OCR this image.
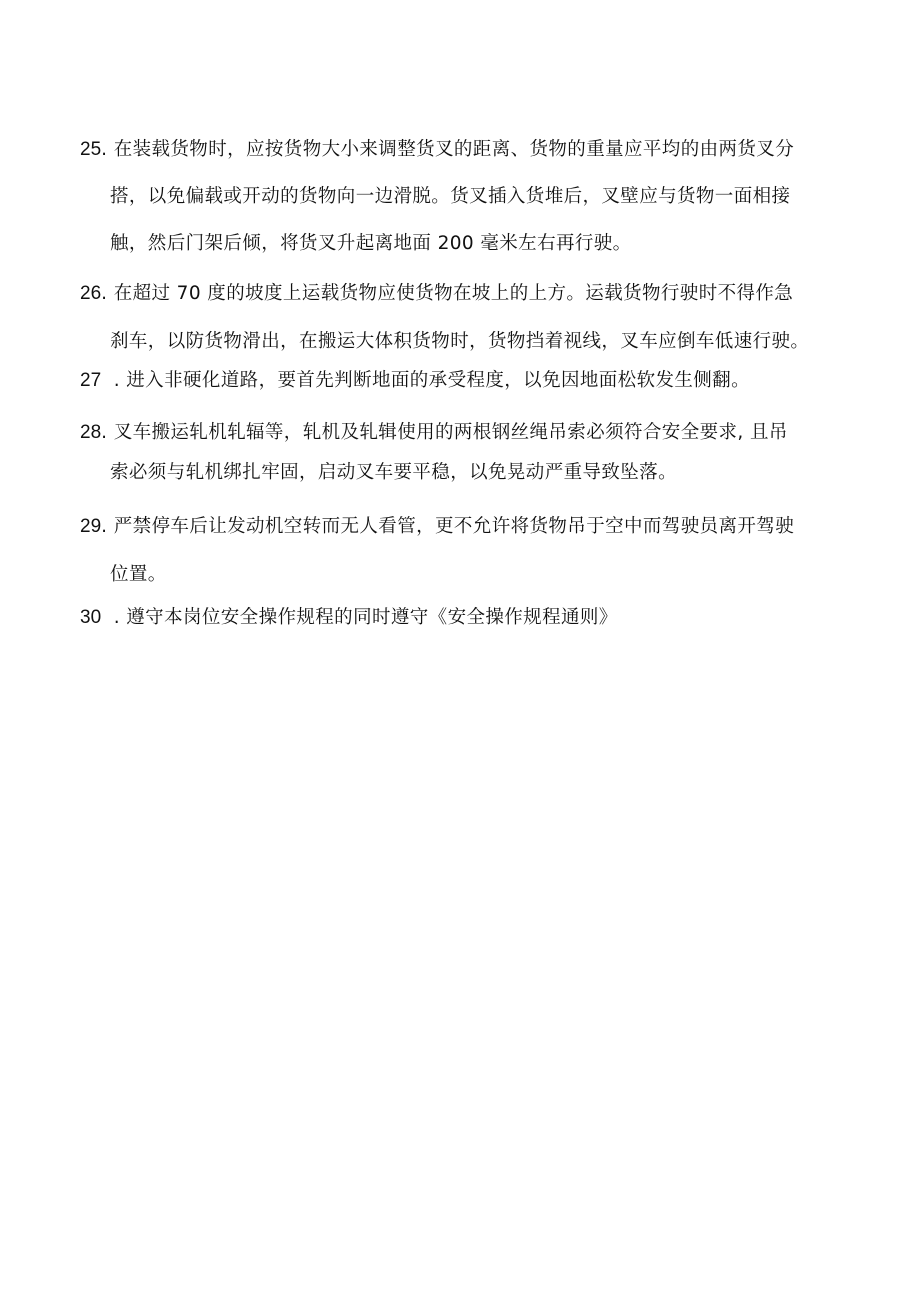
25. 在装载货物时，应按货物大小来调整货叉的距离、货物的重量应平均的由两货叉分
搭，以免偏载或开动的货物向一边滑脱。货叉插入货堆后，叉壁应与货物一面相接
触，然后门架后倾，将货叉升起离地面 200 毫米左右再行驶。
26. 在超过 70 度的坡度上运载货物应使货物在坡上的上方。运载货物行驶时不得作急
刹车，以防货物滑出，在搬运大体积货物时，货物挡着视线，叉车应倒车低速行驶。
27  . 进入非硬化道路，要首先判断地面的承受程度，以免因地面松软发生侧翻。
28. 叉车搬运轧机轧辐等，轧机及轧辑使用的两根钢丝绳吊索必须符合安全要求, 且吊
索必须与轧机绑扎牢固，启动叉车要平稳，以免晃动严重导致坠落。
29. 严禁停车后让发动机空转而无人看管，更不允许将货物吊于空中而驾驶员离开驾驶
位置。
30  . 遵守本岗位安全操作规程的同时遵守《安全操作规程通则》
